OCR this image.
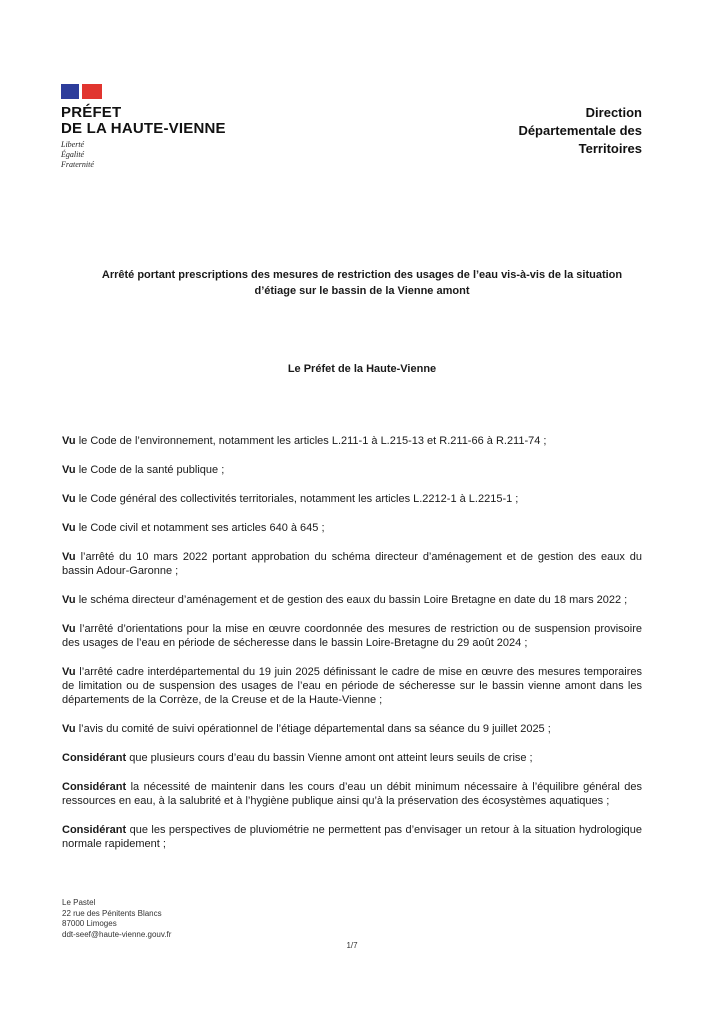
PRÉFET
DE LA HAUTE-VIENNE
Liberté
Égalité
Fraternité
Direction
Départementale des
Territoires
Arrêté portant prescriptions des mesures de restriction des usages de l’eau vis-à-vis de la situation
d’étiage sur le bassin de la Vienne amont
Le Préfet de la Haute-Vienne

Vu le Code de l’environnement, notamment les articles L.211-1 à L.215-13 et R.211-66 à R.211-74 ;

Vu le Code de la santé publique ;

Vu le Code général des collectivités territoriales, notamment les articles L.2212-1 à L.2215-1 ;

Vu le Code civil et notamment ses articles 640 à 645 ;

Vu l’arrêté du 10 mars 2022 portant approbation du schéma directeur d’aménagement et de gestion des eaux du bassin Adour-Garonne ;

Vu le schéma directeur d’aménagement et de gestion des eaux du bassin Loire Bretagne en date du 18 mars 2022 ;

Vu l’arrêté d’orientations pour la mise en œuvre coordonnée des mesures de restriction ou de suspension provisoire des usages de l’eau en période de sécheresse dans le bassin Loire-Bretagne du 29 août 2024 ;

Vu l’arrêté cadre interdépartemental du 19 juin 2025 définissant le cadre de mise en œuvre des mesures temporaires de limitation ou de suspension des usages de l’eau en période de sécheresse sur le bassin vienne amont dans les départements de la Corrèze, de la Creuse et de la Haute-Vienne ;

Vu l’avis du comité de suivi opérationnel de l’étiage départemental dans sa séance du 9 juillet 2025 ;

Considérant que plusieurs cours d’eau du bassin Vienne amont ont atteint leurs seuils de crise ;

Considérant la nécessité de maintenir dans les cours d’eau un débit minimum nécessaire à l’équilibre général des ressources en eau, à la salubrité et à l’hygiène publique ainsi qu’à la préservation des écosystèmes aquatiques ;

Considérant que les perspectives de pluviométrie ne permettent pas d’envisager un retour à la situation hydrologique normale rapidement ;

Le Pastel
22 rue des Pénitents Blancs
87000 Limoges
ddt-seef@haute-vienne.gouv.fr
1/7
